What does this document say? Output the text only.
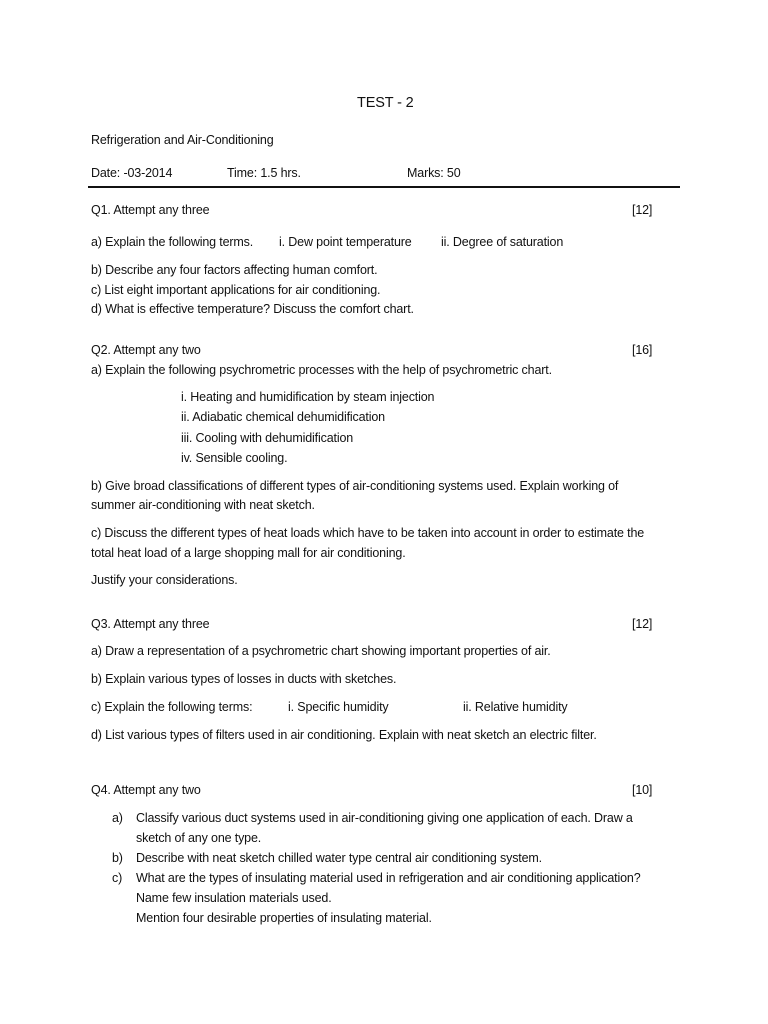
TEST - 2
Refrigeration and Air-Conditioning
Date: -03-2014	Time: 1.5 hrs.	Marks: 50
Q1. Attempt any three	[12]
a) Explain the following terms. i. Dew point temperature ii. Degree of saturation
b) Describe any four factors affecting human comfort.
c) List eight important applications for air conditioning.
d) What is effective temperature? Discuss the comfort chart.
Q2. Attempt any two	[16]
a) Explain the following psychrometric processes with the help of psychrometric chart.
i. Heating and humidification by steam injection
ii. Adiabatic chemical dehumidification
iii. Cooling with dehumidification
iv. Sensible cooling.
b) Give broad classifications of different types of air-conditioning systems used. Explain working of
summer air-conditioning with neat sketch.
c) Discuss the different types of heat loads which have to be taken into account in order to estimate the
total heat load of a large shopping mall for air conditioning.
Justify your considerations.
Q3. Attempt any three	[12]
a) Draw a representation of a psychrometric chart showing important properties of air.
b) Explain various types of losses in ducts with sketches.
c) Explain the following terms:	i. Specific humidity	ii. Relative humidity
d) List various types of filters used in air conditioning. Explain with neat sketch an electric filter.
Q4. Attempt any two	[10]
a) Classify various duct systems used in air-conditioning giving one application of each. Draw a
sketch of any one type.
b) Describe with neat sketch chilled water type central air conditioning system.
c) What are the types of insulating material used in refrigeration and air conditioning application?
Name few insulation materials used.
Mention four desirable properties of insulating material.
